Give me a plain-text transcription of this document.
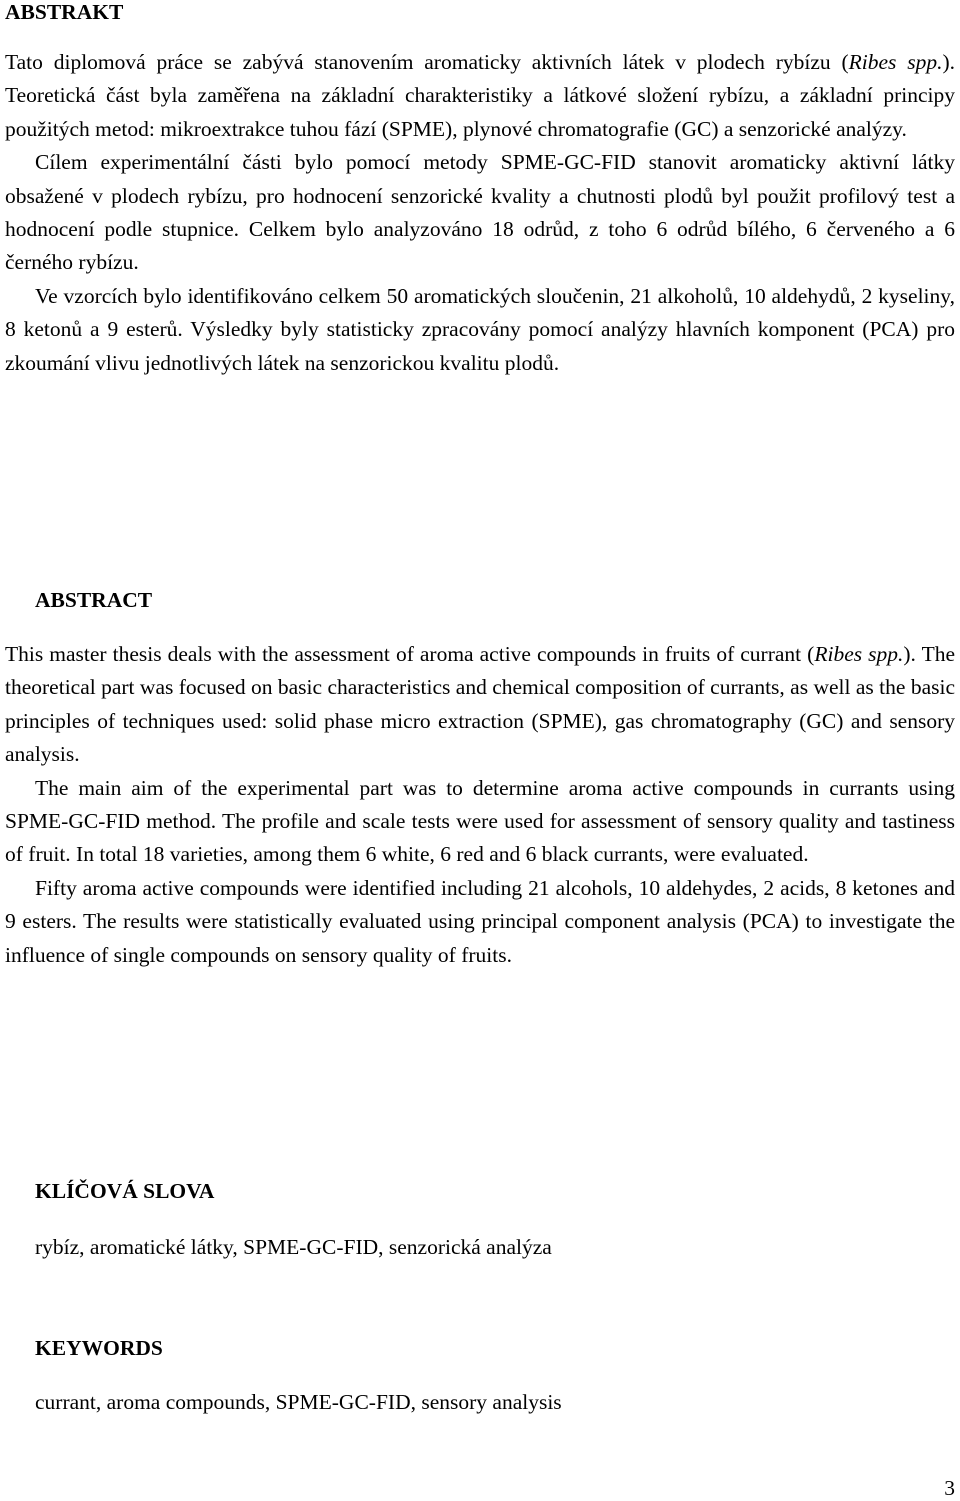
ABSTRAKT

Tato diplomová práce se zabývá stanovením aromaticky aktivních látek v plodech rybízu (Ribes spp.). Teoretická část byla zaměřena na základní charakteristiky a látkové složení rybízu, a základní principy použitých metod: mikroextrakce tuhou fází (SPME), plynové chromatografie (GC) a senzorické analýzy.

Cílem experimentální části bylo pomocí metody SPME-GC-FID stanovit aromaticky aktivní látky obsažené v plodech rybízu, pro hodnocení senzorické kvality a chutnosti plodů byl použit profilový test a hodnocení podle stupnice. Celkem bylo analyzováno 18 odrůd, z toho 6 odrůd bílého, 6 červeného a 6 černého rybízu.

Ve vzorcích bylo identifikováno celkem 50 aromatických sloučenin, 21 alkoholů, 10 aldehydů, 2 kyseliny, 8 ketonů a 9 esterů. Výsledky byly statisticky zpracovány pomocí analýzy hlavních komponent (PCA) pro zkoumání vlivu jednotlivých látek na senzorickou kvalitu plodů.

ABSTRACT

This master thesis deals with the assessment of aroma active compounds in fruits of currant (Ribes spp.). The theoretical part was focused on basic characteristics and chemical composition of currants, as well as the basic principles of techniques used: solid phase micro extraction (SPME), gas chromatography (GC) and sensory analysis.

The main aim of the experimental part was to determine aroma active compounds in currants using SPME-GC-FID method. The profile and scale tests were used for assessment of sensory quality and tastiness of fruit. In total 18 varieties, among them 6 white, 6 red and 6 black currants, were evaluated.

Fifty aroma active compounds were identified including 21 alcohols, 10 aldehydes, 2 acids, 8 ketones and 9 esters. The results were statistically evaluated using principal component analysis (PCA) to investigate the influence of single compounds on sensory quality of fruits.

KLÍČOVÁ SLOVA
rybíz, aromatické látky, SPME-GC-FID, senzorická analýza
KEYWORDS
currant, aroma compounds, SPME-GC-FID, sensory analysis
3
